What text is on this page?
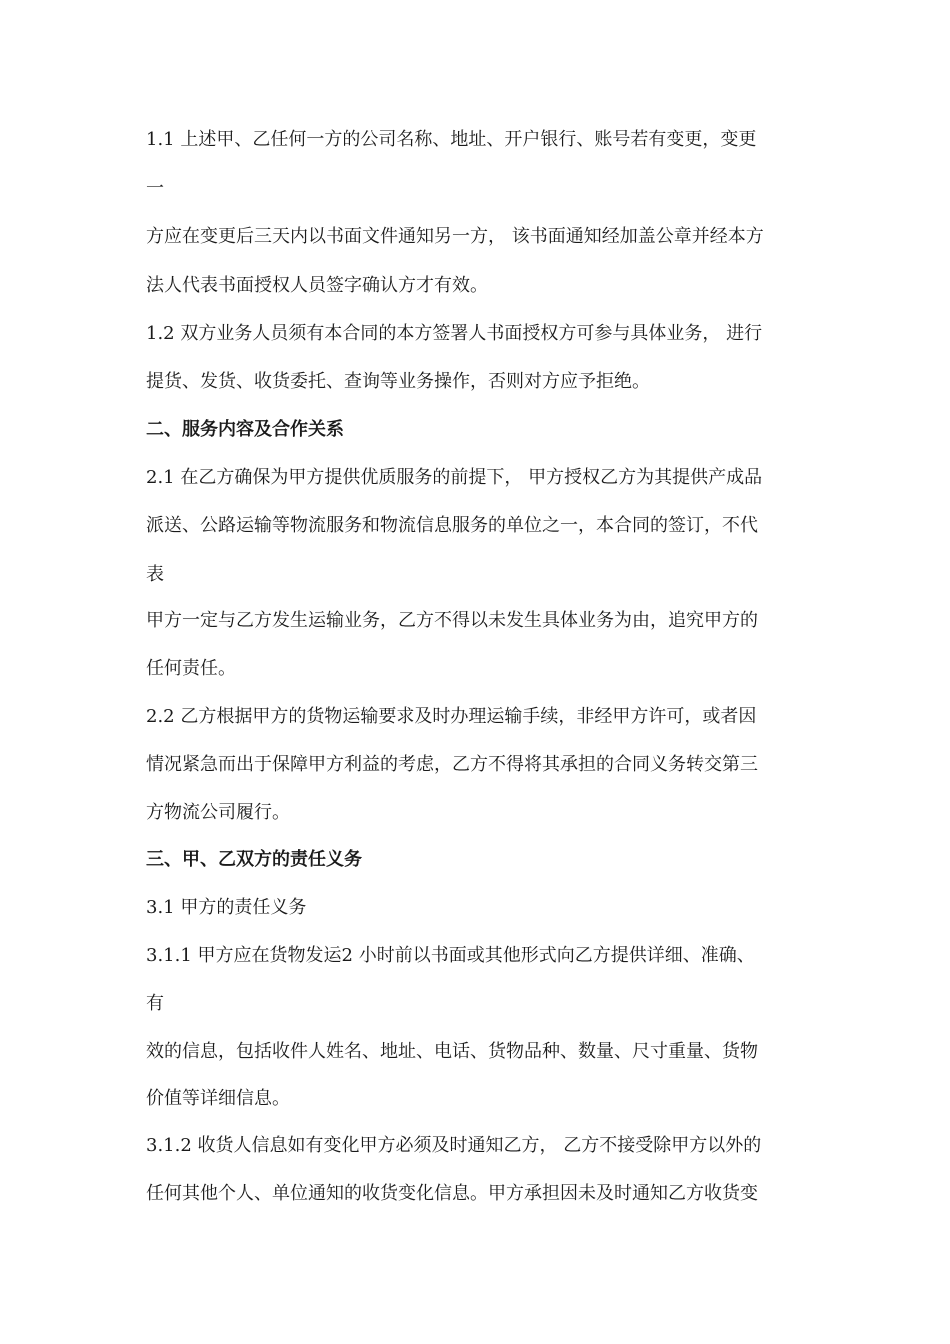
1.1 上述甲、乙任何一方的公司名称、地址、开户银行、账号若有变更，变更
一
方应在变更后三天内以书面文件通知另一方， 该书面通知经加盖公章并经本方
法人代表书面授权人员签字确认方才有效。
1.2 双方业务人员须有本合同的本方签署人书面授权方可参与具体业务， 进行
提货、发货、收货委托、查询等业务操作，否则对方应予拒绝。
二、服务内容及合作关系
2.1 在乙方确保为甲方提供优质服务的前提下， 甲方授权乙方为其提供产成品
派送、公路运输等物流服务和物流信息服务的单位之一，本合同的签订，不代
表
甲方一定与乙方发生运输业务，乙方不得以未发生具体业务为由，追究甲方的
任何责任。
2.2 乙方根据甲方的货物运输要求及时办理运输手续，非经甲方许可，或者因
情况紧急而出于保障甲方利益的考虑，乙方不得将其承担的合同义务转交第三
方物流公司履行。
三、甲、乙双方的责任义务
3.1 甲方的责任义务
3.1.1 甲方应在货物发运2 小时前以书面或其他形式向乙方提供详细、准确、
有
效的信息，包括收件人姓名、地址、电话、货物品种、数量、尺寸重量、货物
价值等详细信息。
3.1.2 收货人信息如有变化甲方必须及时通知乙方， 乙方不接受除甲方以外的
任何其他个人、单位通知的收货变化信息。甲方承担因未及时通知乙方收货变
